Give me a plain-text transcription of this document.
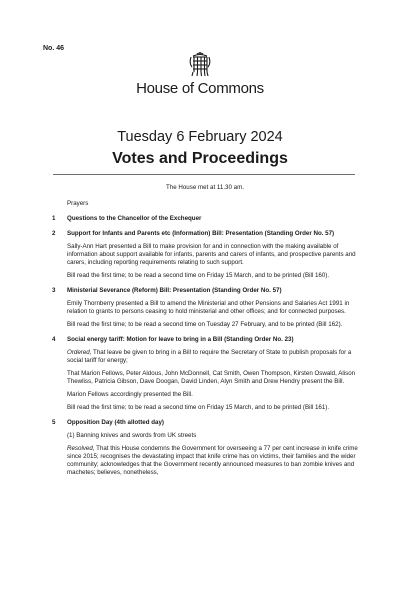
No. 46
House of Commons
Tuesday 6 February 2024
Votes and Proceedings
The House met at 11.30 am.
Prayers
1 Questions to the Chancellor of the Exchequer
2 Support for Infants and Parents etc (Information) Bill: Presentation (Standing Order No. 57)

Sally-Ann Hart presented a Bill to make provision for and in connection with the making available of information about support available for infants, parents and carers of infants, and prospective parents and carers, including reporting requirements relating to such support.

Bill read the first time; to be read a second time on Friday 15 March, and to be printed (Bill 160).

3 Ministerial Severance (Reform) Bill: Presentation (Standing Order No. 57)

Emily Thornberry presented a Bill to amend the Ministerial and other Pensions and Salaries Act 1991 in relation to grants to persons ceasing to hold ministerial and other offices; and for connected purposes.

Bill read the first time; to be read a second time on Tuesday 27 February, and to be printed (Bill 162).

4 Social energy tariff: Motion for leave to bring in a Bill (Standing Order No. 23)

Ordered, That leave be given to bring in a Bill to require the Secretary of State to publish proposals for a social tariff for energy;

That Marion Fellows, Peter Aldous, John McDonnell, Cat Smith, Owen Thompson, Kirsten Oswald, Alison Thewliss, Patricia Gibson, Dave Doogan, David Linden, Alyn Smith and Drew Hendry present the Bill.

Marion Fellows accordingly presented the Bill.

Bill read the first time; to be read a second time on Friday 15 March, and to be printed (Bill 161).

5 Opposition Day (4th allotted day)

(1) Banning knives and swords from UK streets

Resolved, That this House condemns the Government for overseeing a 77 per cent increase in knife crime since 2015; recognises the devastating impact that knife crime has on victims, their families and the wider community; acknowledges that the Government recently announced measures to ban zombie knives and machetes; believes, nonetheless,
